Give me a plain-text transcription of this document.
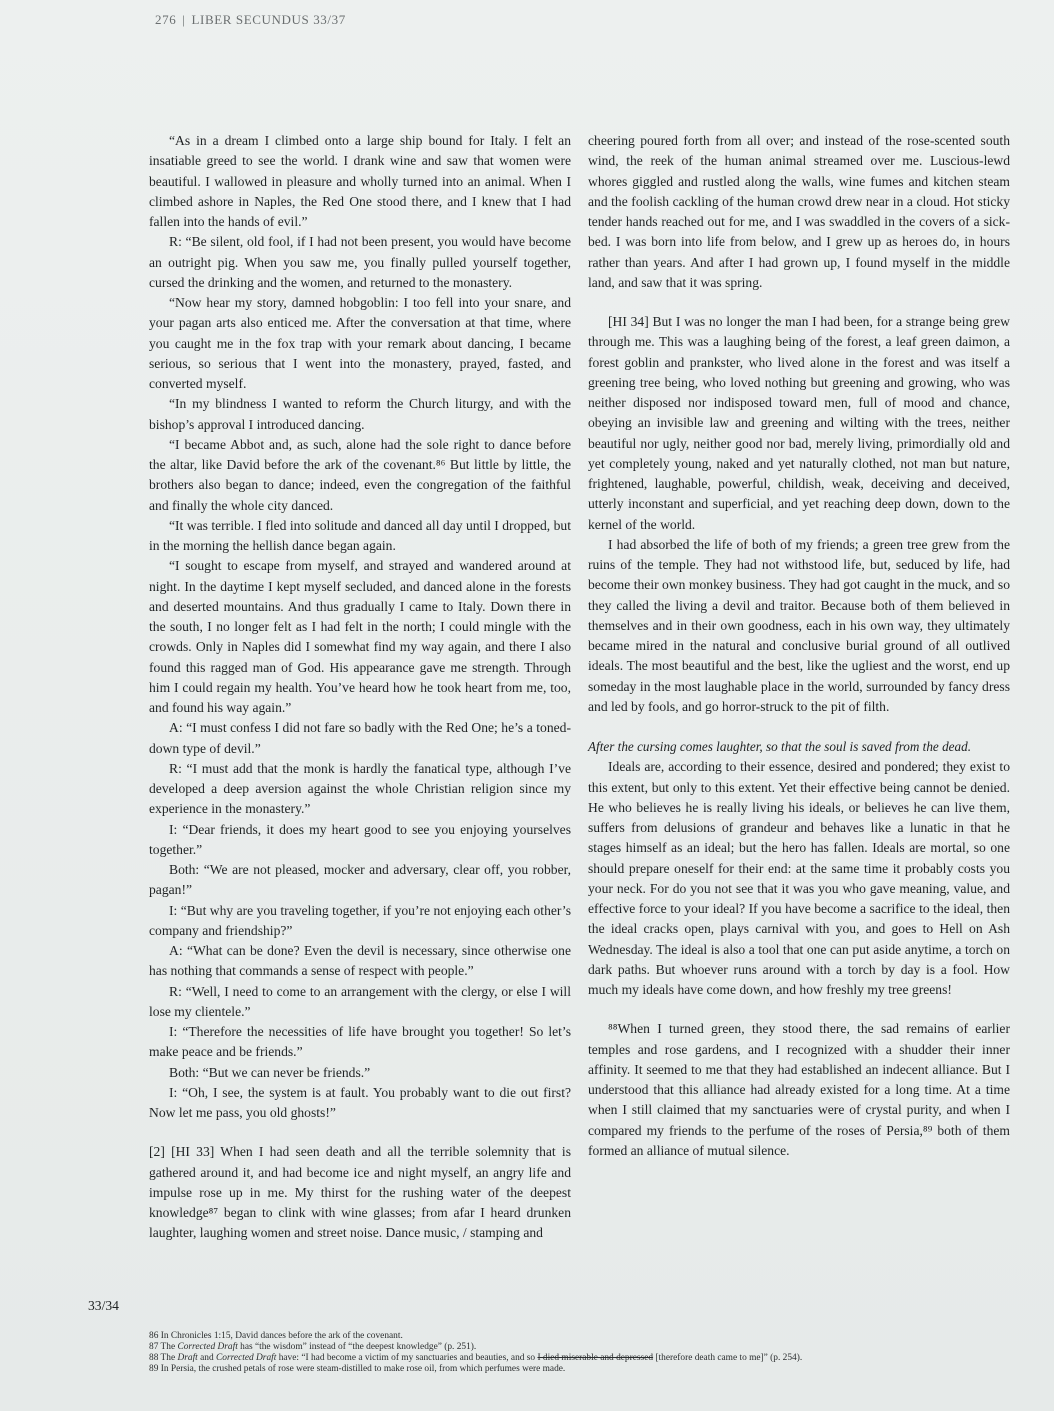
276 | LIBER SECUNDUS 33/37

“As in a dream I climbed onto a large ship bound for Italy. I felt an insatiable greed to see the world. I drank wine and saw that women were beautiful. I wallowed in pleasure and wholly turned into an animal. When I climbed ashore in Naples, the Red One stood there, and I knew that I had fallen into the hands of evil.”

R: “Be silent, old fool, if I had not been present, you would have become an outright pig. When you saw me, you finally pulled yourself together, cursed the drinking and the women, and returned to the monastery.

“Now hear my story, damned hobgoblin: I too fell into your snare, and your pagan arts also enticed me. After the conversation at that time, where you caught me in the fox trap with your remark about dancing, I became serious, so serious that I went into the monastery, prayed, fasted, and converted myself.

“In my blindness I wanted to reform the Church liturgy, and with the bishop’s approval I introduced dancing.

“I became Abbot and, as such, alone had the sole right to dance before the altar, like David before the ark of the covenant.⁸⁶ But little by little, the brothers also began to dance; indeed, even the congregation of the faithful and finally the whole city danced.

“It was terrible. I fled into solitude and danced all day until I dropped, but in the morning the hellish dance began again.

“I sought to escape from myself, and strayed and wandered around at night. In the daytime I kept myself secluded, and danced alone in the forests and deserted mountains. And thus gradually I came to Italy. Down there in the south, I no longer felt as I had felt in the north; I could mingle with the crowds. Only in Naples did I somewhat find my way again, and there I also found this ragged man of God. His appearance gave me strength. Through him I could regain my health. You’ve heard how he took heart from me, too, and found his way again.”

A: “I must confess I did not fare so badly with the Red One; he’s a toned-down type of devil.”

R: “I must add that the monk is hardly the fanatical type, although I’ve developed a deep aversion against the whole Christian religion since my experience in the monastery.”

I: “Dear friends, it does my heart good to see you enjoying yourselves together.”

Both: “We are not pleased, mocker and adversary, clear off, you robber, pagan!”

I: “But why are you traveling together, if you’re not enjoying each other’s company and friendship?”

A: “What can be done? Even the devil is necessary, since otherwise one has nothing that commands a sense of respect with people.”

R: “Well, I need to come to an arrangement with the clergy, or else I will lose my clientele.”

I: “Therefore the necessities of life have brought you together! So let’s make peace and be friends.”

Both: “But we can never be friends.”

I: “Oh, I see, the system is at fault. You probably want to die out first? Now let me pass, you old ghosts!”

[2] [HI 33] When I had seen death and all the terrible solemnity that is gathered around it, and had become ice and night myself, an angry life and impulse rose up in me. My thirst for the rushing water of the deepest knowledge⁸⁷ began to clink with wine glasses; from afar I heard drunken laughter, laughing women and street noise. Dance music, / stamping and

33/34

cheering poured forth from all over; and instead of the rose-scented south wind, the reek of the human animal streamed over me. Luscious-lewd whores giggled and rustled along the walls, wine fumes and kitchen steam and the foolish cackling of the human crowd drew near in a cloud. Hot sticky tender hands reached out for me, and I was swaddled in the covers of a sick-bed. I was born into life from below, and I grew up as heroes do, in hours rather than years. And after I had grown up, I found myself in the middle land, and saw that it was spring.

[HI 34] But I was no longer the man I had been, for a strange being grew through me. This was a laughing being of the forest, a leaf green daimon, a forest goblin and prankster, who lived alone in the forest and was itself a greening tree being, who loved nothing but greening and growing, who was neither disposed nor indisposed toward men, full of mood and chance, obeying an invisible law and greening and wilting with the trees, neither beautiful nor ugly, neither good nor bad, merely living, primordially old and yet completely young, naked and yet naturally clothed, not man but nature, frightened, laughable, powerful, childish, weak, deceiving and deceived, utterly inconstant and superficial, and yet reaching deep down, down to the kernel of the world.

I had absorbed the life of both of my friends; a green tree grew from the ruins of the temple. They had not withstood life, but, seduced by life, had become their own monkey business. They had got caught in the muck, and so they called the living a devil and traitor. Because both of them believed in themselves and in their own goodness, each in his own way, they ultimately became mired in the natural and conclusive burial ground of all outlived ideals. The most beautiful and the best, like the ugliest and the worst, end up someday in the most laughable place in the world, surrounded by fancy dress and led by fools, and go horror-struck to the pit of filth.

After the cursing comes laughter, so that the soul is saved from the dead.

Ideals are, according to their essence, desired and pondered; they exist to this extent, but only to this extent. Yet their effective being cannot be denied. He who believes he is really living his ideals, or believes he can live them, suffers from delusions of grandeur and behaves like a lunatic in that he stages himself as an ideal; but the hero has fallen. Ideals are mortal, so one should prepare oneself for their end: at the same time it probably costs you your neck. For do you not see that it was you who gave meaning, value, and effective force to your ideal? If you have become a sacrifice to the ideal, then the ideal cracks open, plays carnival with you, and goes to Hell on Ash Wednesday. The ideal is also a tool that one can put aside anytime, a torch on dark paths. But whoever runs around with a torch by day is a fool. How much my ideals have come down, and how freshly my tree greens!

⁸⁸When I turned green, they stood there, the sad remains of earlier temples and rose gardens, and I recognized with a shudder their inner affinity. It seemed to me that they had established an indecent alliance. But I understood that this alliance had already existed for a long time. At a time when I still claimed that my sanctuaries were of crystal purity, and when I compared my friends to the perfume of the roses of Persia,⁸⁹ both of them formed an alliance of mutual silence.

86 In Chronicles 1:15, David dances before the ark of the covenant.
87 The Corrected Draft has “the wisdom” instead of “the deepest knowledge” (p. 251).
88 The Draft and Corrected Draft have: “I had become a victim of my sanctuaries and beauties, and so I died miserable and depressed [therefore death came to me]” (p. 254).
89 In Persia, the crushed petals of rose were steam-distilled to make rose oil, from which perfumes were made.
